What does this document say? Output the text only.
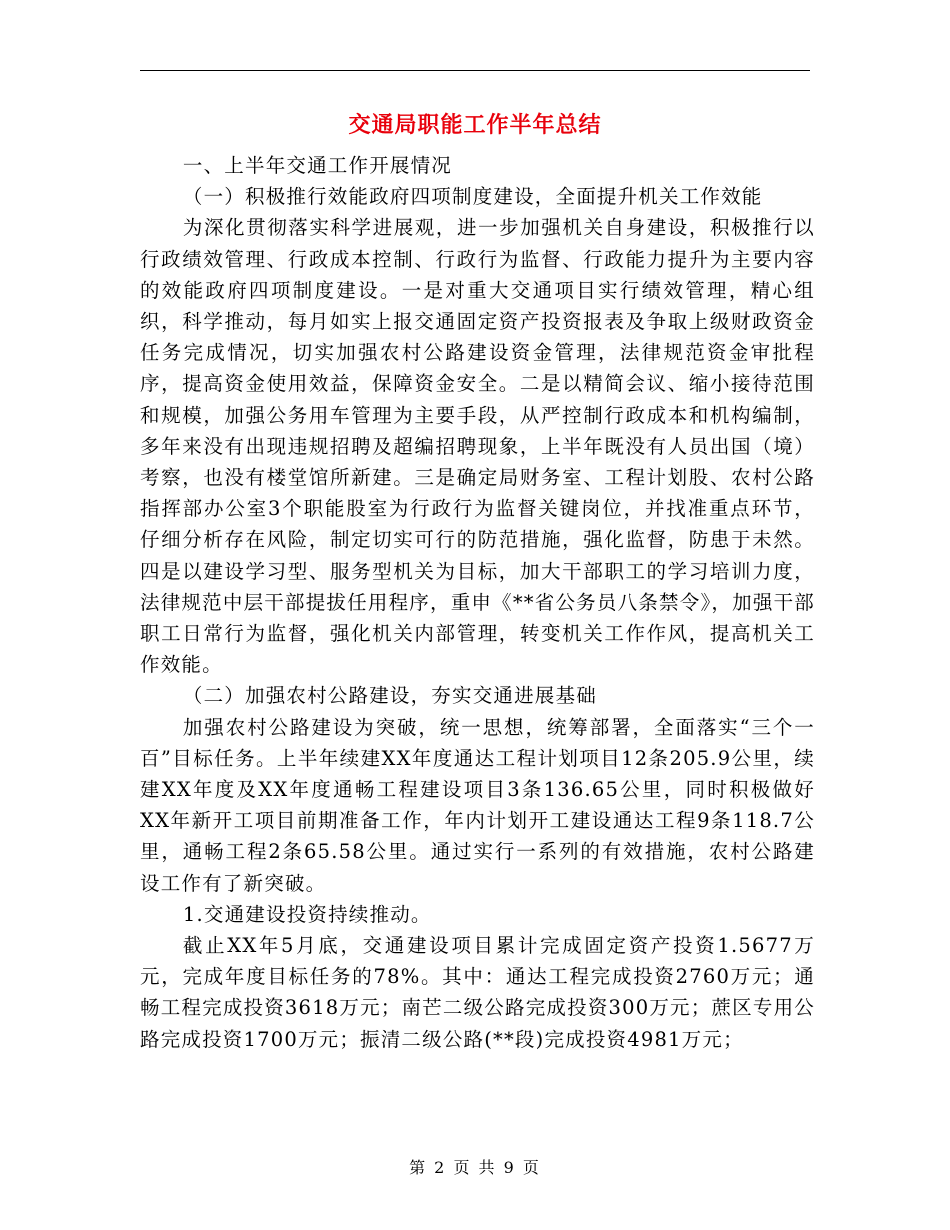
交通局职能工作半年总结

一、上半年交通工作开展情况

（一）积极推行效能政府四项制度建设，全面提升机关工作效能

为深化贯彻落实科学进展观，进一步加强机关自身建设，积极推行以行政绩效管理、行政成本控制、行政行为监督、行政能力提升为主要内容的效能政府四项制度建设。一是对重大交通项目实行绩效管理，精心组织，科学推动，每月如实上报交通固定资产投资报表及争取上级财政资金任务完成情况，切实加强农村公路建设资金管理，法律规范资金审批程序，提高资金使用效益，保障资金安全。二是以精简会议、缩小接待范围和规模，加强公务用车管理为主要手段，从严控制行政成本和机构编制，多年来没有出现违规招聘及超编招聘现象，上半年既没有人员出国（境）考察，也没有楼堂馆所新建。三是确定局财务室、工程计划股、农村公路指挥部办公室3个职能股室为行政行为监督关键岗位，并找准重点环节，仔细分析存在风险，制定切实可行的防范措施，强化监督，防患于未然。四是以建设学习型、服务型机关为目标，加大干部职工的学习培训力度，法律规范中层干部提拔任用程序，重申《**省公务员八条禁令》，加强干部职工日常行为监督，强化机关内部管理，转变机关工作作风，提高机关工作效能。

（二）加强农村公路建设，夯实交通进展基础

加强农村公路建设为突破，统一思想，统筹部署，全面落实“三个一百”目标任务。上半年续建XX年度通达工程计划项目12条205.9公里，续建XX年度及XX年度通畅工程建设项目3条136.65公里，同时积极做好XX年新开工项目前期准备工作，年内计划开工建设通达工程9条118.7公里，通畅工程2条65.58公里。通过实行一系列的有效措施，农村公路建设工作有了新突破。

1.交通建设投资持续推动。

截止XX年5月底，交通建设项目累计完成固定资产投资1.5677万元，完成年度目标任务的78%。其中：通达工程完成投资2760万元；通畅工程完成投资3618万元；南芒二级公路完成投资300万元；蔗区专用公路完成投资1700万元；振清二级公路(**段)完成投资4981万元；

第 2 页 共 9 页
